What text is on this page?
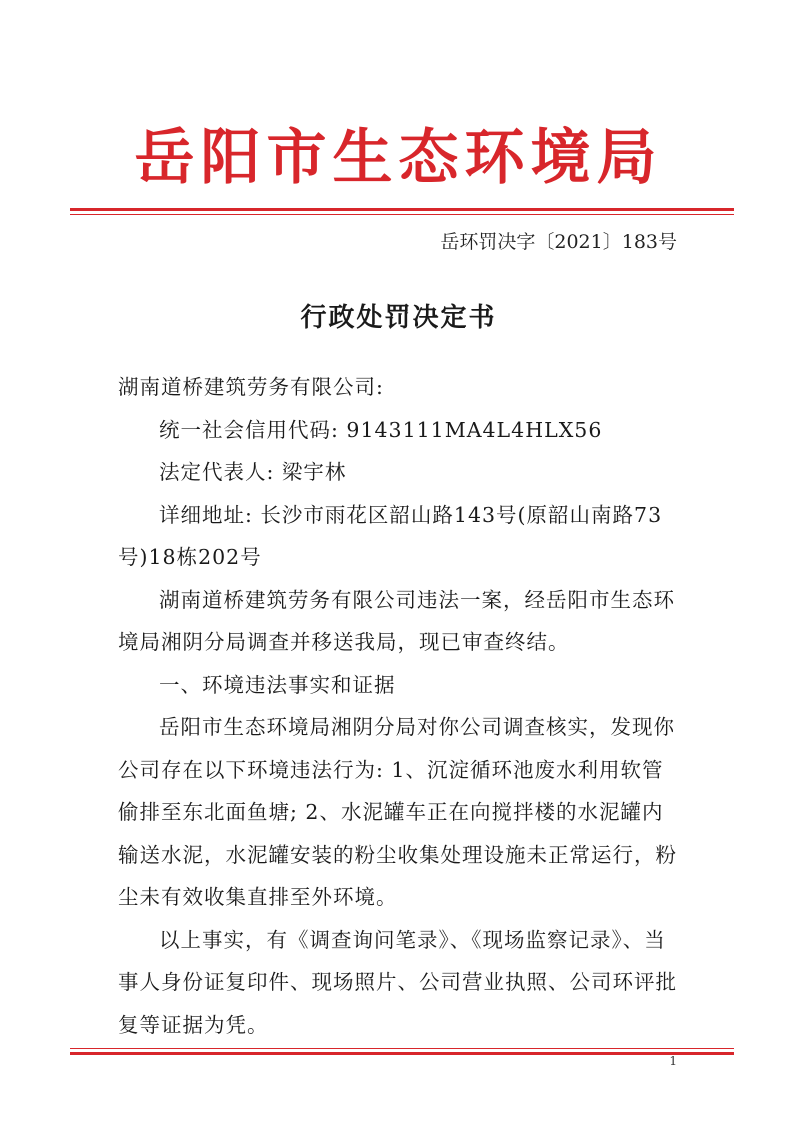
岳阳市生态环境局
岳环罚决字〔2021〕183号
行政处罚决定书

湖南道桥建筑劳务有限公司:

统一社会信用代码: 9143111MA4L4HLX56

法定代表人: 梁宇林

详细地址: 长沙市雨花区韶山路143号(原韶山南路73号)18栋202号

湖南道桥建筑劳务有限公司违法一案，经岳阳市生态环境局湘阴分局调查并移送我局，现已审查终结。

一、环境违法事实和证据

岳阳市生态环境局湘阴分局对你公司调查核实，发现你公司存在以下环境违法行为: 1、沉淀循环池废水利用软管偷排至东北面鱼塘; 2、水泥罐车正在向搅拌楼的水泥罐内输送水泥，水泥罐安装的粉尘收集处理设施未正常运行，粉尘未有效收集直排至外环境。

以上事实，有《调查询问笔录》、《现场监察记录》、当事人身份证复印件、现场照片、公司营业执照、公司环评批复等证据为凭。

1
